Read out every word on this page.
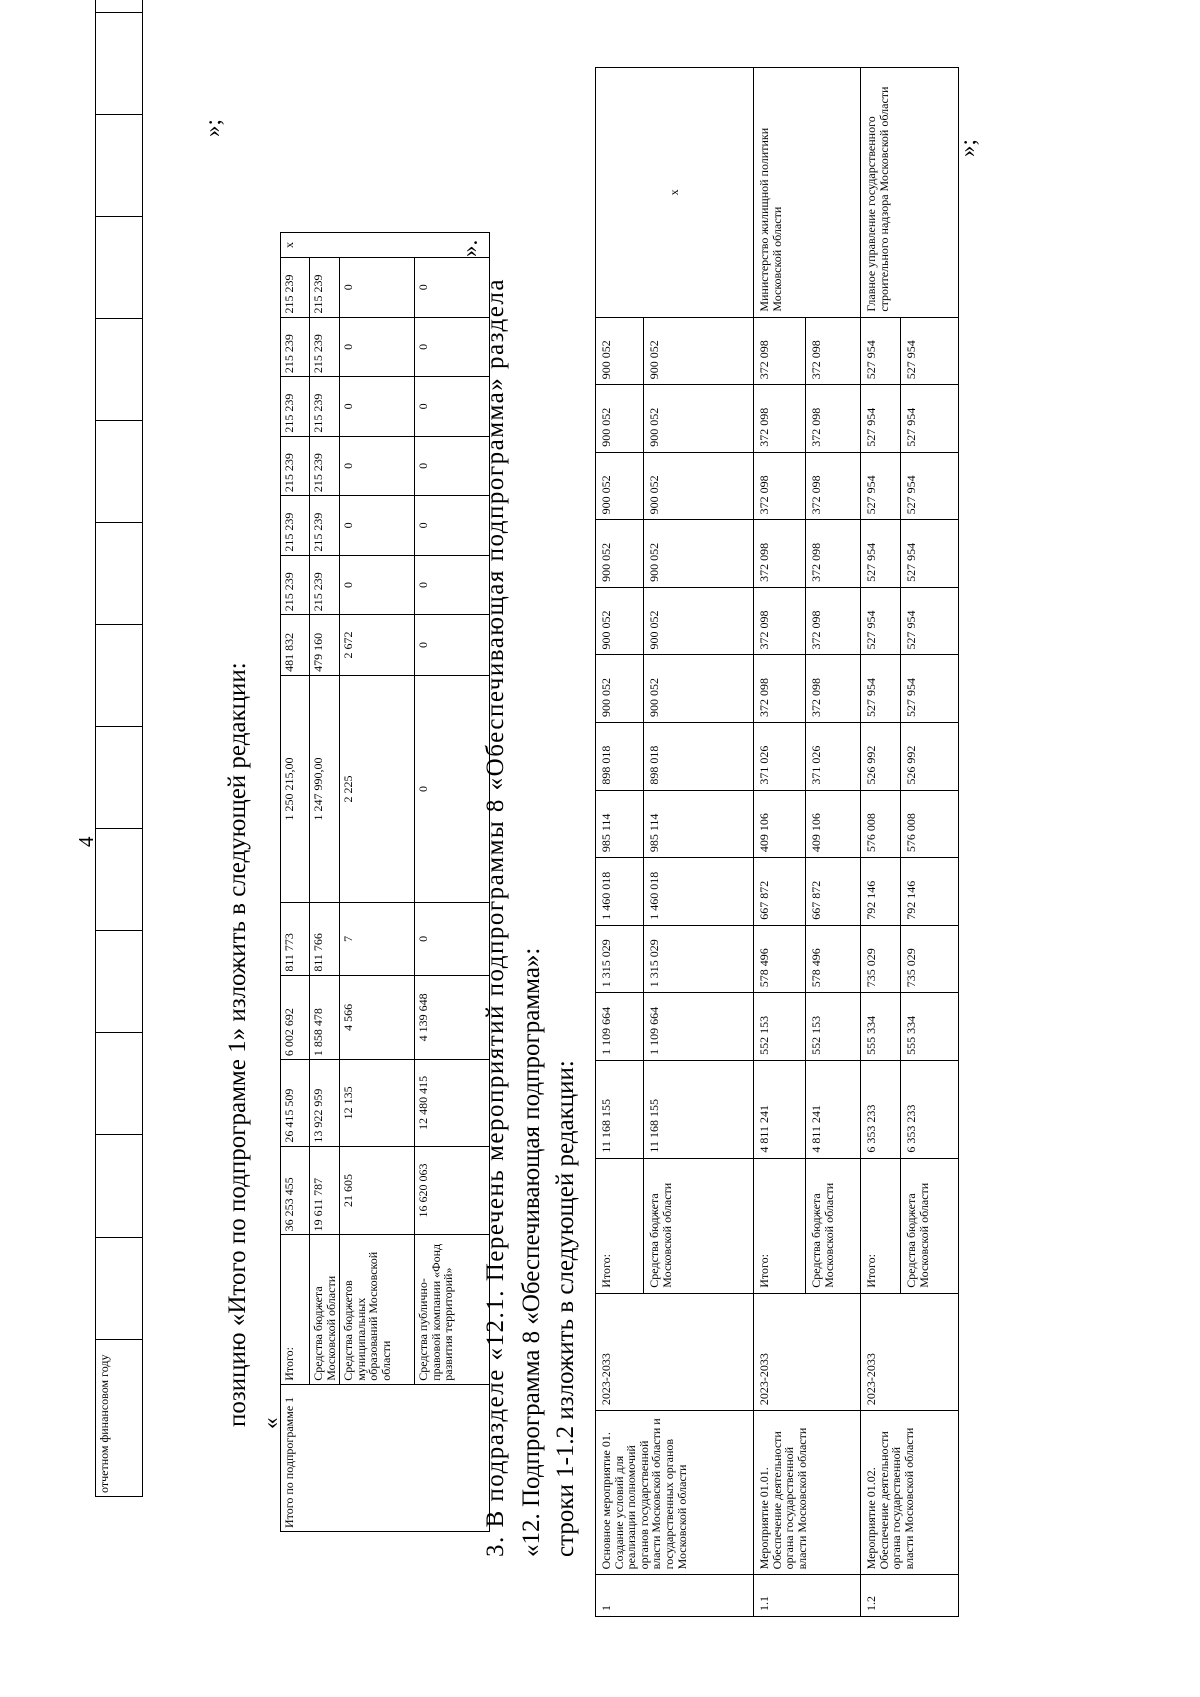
4
отчетном финансовом году														
»;
позицию «Итого по подпрограмме 1» изложить в следующей редакции: « Итого по подпрограмме 1	Итого:	36 253 455	26 415 509	6 002 692	811 773	1 250 215,00	481 832	215 239	215 239	215 239	215 239	215 239	215 239	x
	Средства бюджета Московской области	19 611 787	13 922 959	1 858 478	811 766	1 247 990,00	479 160	215 239	215 239	215 239	215 239	215 239	215 239	
	Средства бюджетов муниципальных образований Московской области	21 605	12 135	4 566	7	2 225	2 672	0	0	0	0	0	0	
	Средства публично-правовой компании «Фонд развития территорий»	16 620 063	12 480 415	4 139 648	0	0	0	0	0	0	0	0	0	
».
3. В подразделе «12.1. Перечень мероприятий подпрограммы 8 «Обеспечивающая подпрограмма» раздела «12. Подпрограмма 8 «Обеспечивающая подпрограмма»: строки 1-1.2 изложить в следующей редакции:
1	Основное мероприятие 01. Создание условий для реализации полномочий органов государственной власти Московской области и государственных органов Московской области	2023-2033	Итого:	11 168 155	1 109 664	1 315 029	1 460 018	985 114	898 018	900 052	900 052	900 052	900 052	900 052	900 052	x
			Средства бюджета Московской области	11 168 155	1 109 664	1 315 029	1 460 018	985 114	898 018	900 052	900 052	900 052	900 052	900 052	900 052	
1.1	Мероприятие 01.01. Обеспечение деятельности органа государственной власти Московской области	2023-2033	Итого:	4 811 241	552 153	578 496	667 872	409 106	371 026	372 098	372 098	372 098	372 098	372 098	372 098	Министерство жилищной политики Московской области
			Средства бюджета Московской области	4 811 241	552 153	578 496	667 872	409 106	371 026	372 098	372 098	372 098	372 098	372 098	372 098	
1.2	Мероприятие 01.02. Обеспечение деятельности органа государственной власти Московской области	2023-2033	Итого:	6 353 233	555 334	735 029	792 146	576 008	526 992	527 954	527 954	527 954	527 954	527 954	527 954	Главное управление государственного строительного надзора Московской области
			Средства бюджета Московской области	6 353 233	555 334	735 029	792 146	576 008	526 992	527 954	527 954	527 954	527 954	527 954	527 954	
»;
